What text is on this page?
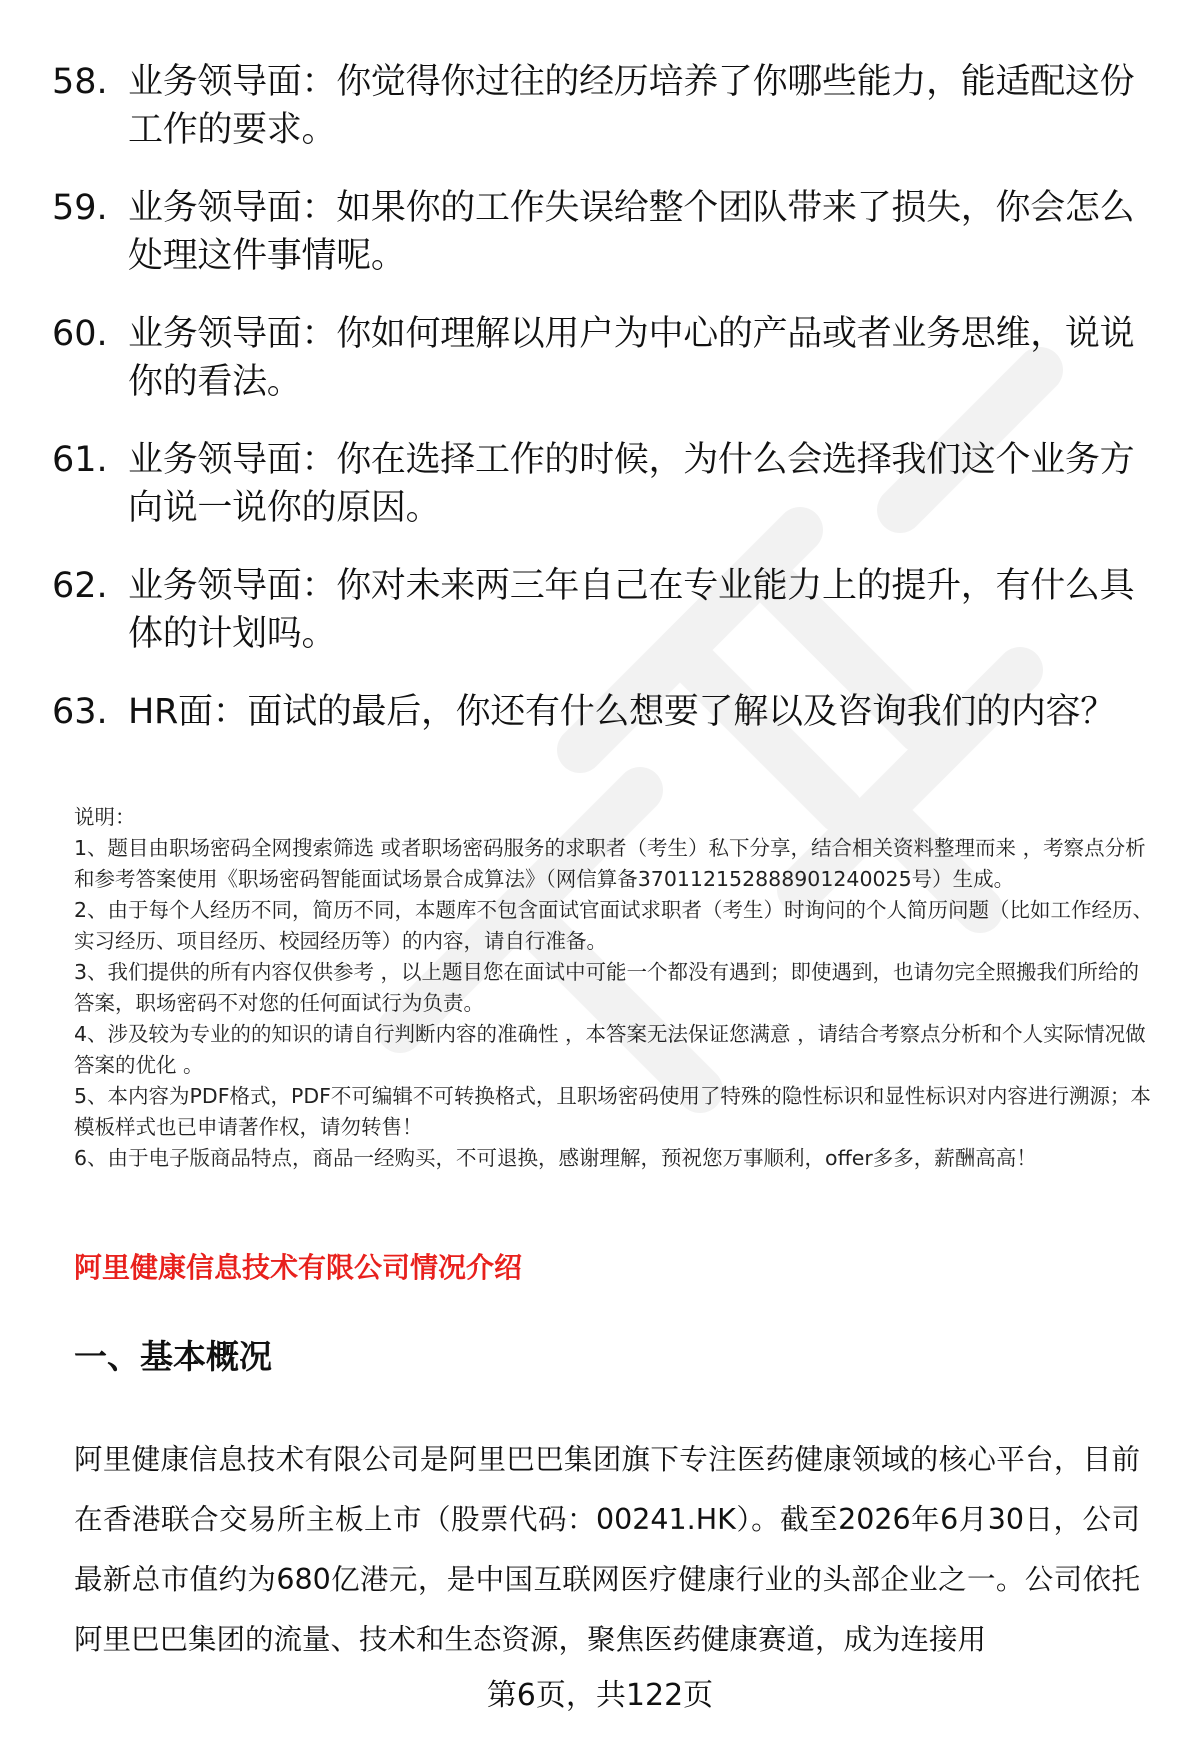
58. 业务领导面：你觉得你过往的经历培养了你哪些能力，能适配这份工作的要求。
59. 业务领导面：如果你的工作失误给整个团队带来了损失，你会怎么处理这件事情呢。
60. 业务领导面：你如何理解以用户为中心的产品或者业务思维，说说你的看法。
61. 业务领导面：你在选择工作的时候，为什么会选择我们这个业务方向说一说你的原因。
62. 业务领导面：你对未来两三年自己在专业能力上的提升，有什么具体的计划吗。
63. HR面：面试的最后，你还有什么想要了解以及咨询我们的内容？
说明：
1、题目由职场密码全网搜索筛选 或者职场密码服务的求职者（考生）私下分享，结合相关资料整理而来 ，考察点分析和参考答案使用《职场密码智能面试场景合成算法》（网信算备370112152888901240025号）生成。
2、由于每个人经历不同，简历不同，本题库不包含面试官面试求职者（考生）时询问的个人简历问题（比如工作经历、实习经历、项目经历、校园经历等）的内容，请自行准备。
3、我们提供的所有内容仅供参考 ，以上题目您在面试中可能一个都没有遇到；即使遇到，也请勿完全照搬我们所给的答案，职场密码不对您的任何面试行为负责。
4、涉及较为专业的的知识的请自行判断内容的准确性 ，本答案无法保证您满意 ，请结合考察点分析和个人实际情况做答案的优化 。
5、本内容为PDF格式，PDF不可编辑不可转换格式，且职场密码使用了特殊的隐性标识和显性标识对内容进行溯源；本模板样式也已申请著作权，请勿转售！
6、由于电子版商品特点，商品一经购买，不可退换，感谢理解，预祝您万事顺利，offer多多，薪酬高高！
阿里健康信息技术有限公司情况介绍
一、基本概况
阿里健康信息技术有限公司是阿里巴巴集团旗下专注医药健康领域的核心平台，目前在香港联合交易所主板上市（股票代码：00241.HK）。截至2026年6月30日，公司最新总市值约为680亿港元，是中国互联网医疗健康行业的头部企业之一。公司依托阿里巴巴集团的流量、技术和生态资源，聚焦医药健康赛道，成为连接用
第6页，共122页
